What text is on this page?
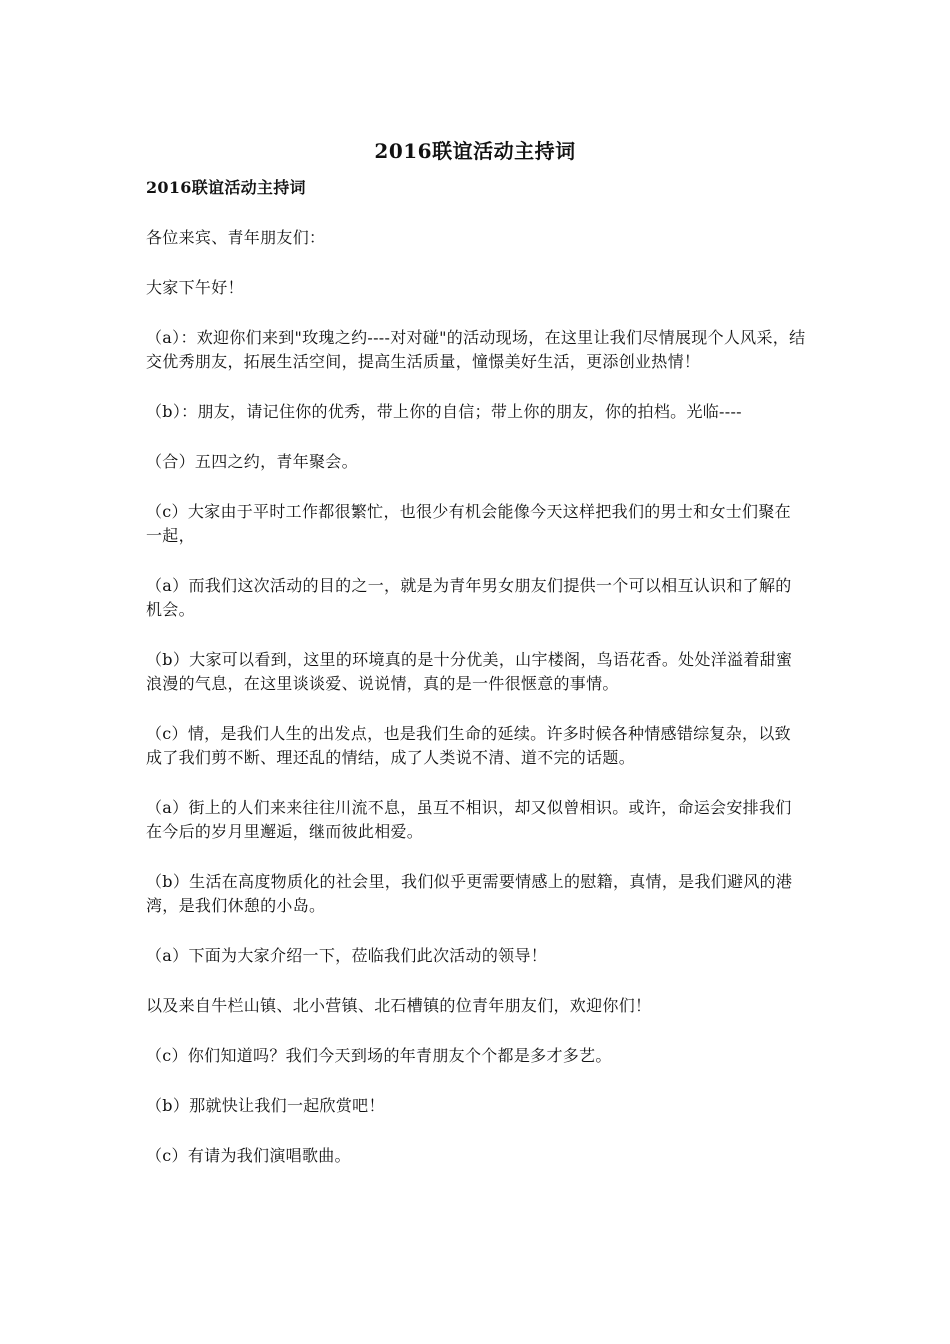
2016联谊活动主持词

2016联谊活动主持词

各位来宾、青年朋友们：

大家下午好！

（a）：欢迎你们来到"玫瑰之约----对对碰"的活动现场，在这里让我们尽情展现个人风采，结交优秀朋友，拓展生活空间，提高生活质量，憧憬美好生活，更添创业热情！

（b）：朋友，请记住你的优秀，带上你的自信；带上你的朋友，你的拍档。光临----

（合）五四之约，青年聚会。

（c）大家由于平时工作都很繁忙，也很少有机会能像今天这样把我们的男士和女士们聚在一起，

（a）而我们这次活动的目的之一，就是为青年男女朋友们提供一个可以相互认识和了解的机会。

（b）大家可以看到，这里的环境真的是十分优美，山宇楼阁，鸟语花香。处处洋溢着甜蜜浪漫的气息，在这里谈谈爱、说说情，真的是一件很惬意的事情。

（c）情，是我们人生的出发点，也是我们生命的延续。许多时候各种情感错综复杂，以致成了我们剪不断、理还乱的情结，成了人类说不清、道不完的话题。

（a）街上的人们来来往往川流不息，虽互不相识，却又似曾相识。或许，命运会安排我们在今后的岁月里邂逅，继而彼此相爱。

（b）生活在高度物质化的社会里，我们似乎更需要情感上的慰籍，真情，是我们避风的港湾，是我们休憩的小岛。

（a）下面为大家介绍一下，莅临我们此次活动的领导！

以及来自牛栏山镇、北小营镇、北石槽镇的位青年朋友们，欢迎你们！

（c）你们知道吗？我们今天到场的年青朋友个个都是多才多艺。

（b）那就快让我们一起欣赏吧！

（c）有请为我们演唱歌曲。
